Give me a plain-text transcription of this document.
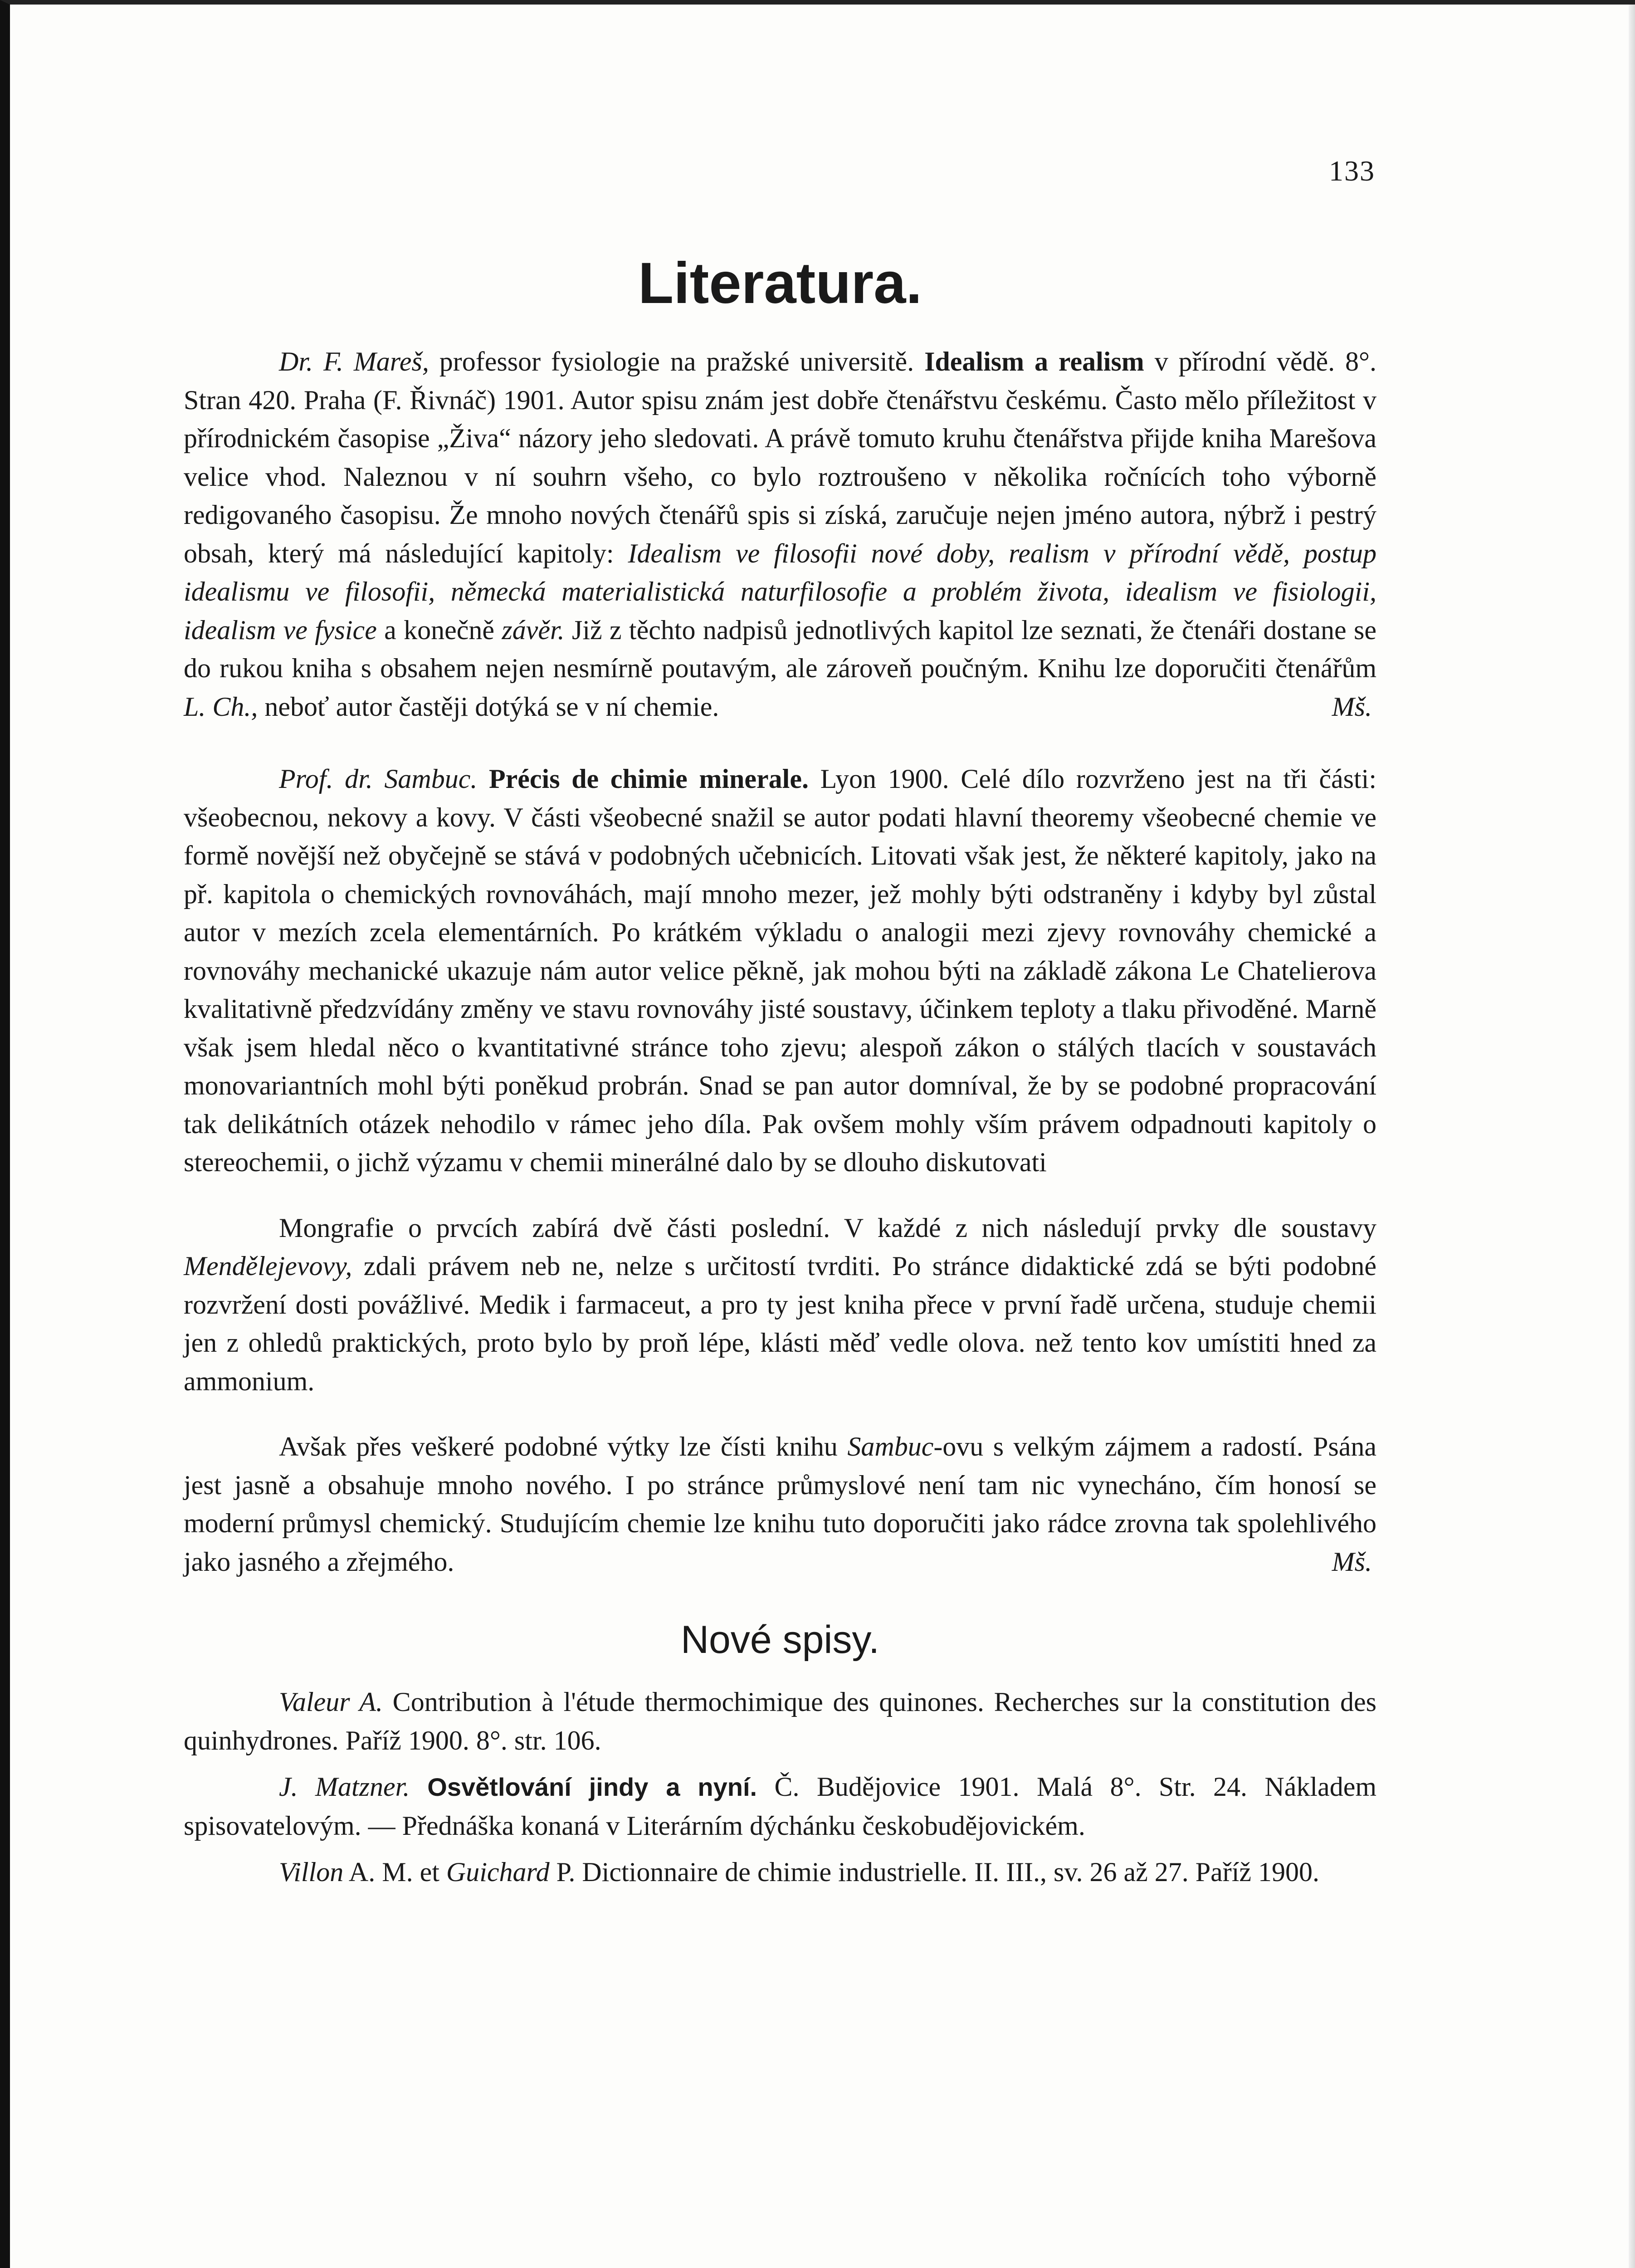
133
Literatura.

Dr. F. Mareš, professor fysiologie na pražské universitě. Idealism a realism v přírodní vědě. 8°. Stran 420. Praha (F. Řivnáč) 1901. Autor spisu znám jest dobře čtenářstvu českému. Často mělo příležitost v přírodnickém časopise „Živa“ názory jeho sledovati. A právě tomuto kruhu čtenářstva přijde kniha Marešova velice vhod. Naleznou v ní souhrn všeho, co bylo roztroušeno v několika ročnících toho výborně redigovaného časopisu. Že mnoho nových čtenářů spis si získá, zaručuje nejen jméno autora, nýbrž i pestrý obsah, který má následující kapitoly: Idealism ve filosofii nové doby, realism v přírodní vědě, postup idealismu ve filosofii, německá materialistická naturfilosofie a problém života, idealism ve fisiologii, idealism ve fysice a konečně závěr. Již z těchto nadpisů jednotlivých kapitol lze seznati, že čtenáři dostane se do rukou kniha s obsahem nejen nesmírně poutavým, ale zároveň poučným. Knihu lze doporučiti čtenářům L. Ch., neboť autor častěji dotýká se v ní chemie.	Mš.

Prof. dr. Sambuc. Précis de chimie minerale. Lyon 1900. Celé dílo rozvrženo jest na tři části: všeobecnou, nekovy a kovy. V části všeobecné snažil se autor podati hlavní theoremy všeobecné chemie ve formě novější než obyčejně se stává v podobných učebnicích. Litovati však jest, že některé kapitoly, jako na př. kapitola o chemických rovnováhách, mají mnoho mezer, jež mohly býti odstraněny i kdyby byl zůstal autor v mezích zcela elementárních. Po krátkém výkladu o analogii mezi zjevy rovnováhy chemické a rovnováhy mechanické ukazuje nám autor velice pěkně, jak mohou býti na základě zákona Le Chatelierova kvalitativně předzvídány změny ve stavu rovnováhy jisté soustavy, účinkem teploty a tlaku přivoděné. Marně však jsem hledal něco o kvantitativné stránce toho zjevu; alespoň zákon o stálých tlacích v soustavách monovariantních mohl býti poněkud probrán. Snad se pan autor domníval, že by se podobné propracování tak delikátních otázek nehodilo v rámec jeho díla. Pak ovšem mohly vším právem odpadnouti kapitoly o stereochemii, o jichž výzamu v chemii minerálné dalo by se dlouho diskutovati

Mongrafie o prvcích zabírá dvě části poslední. V každé z nich následují prvky dle soustavy Mendělejevovy, zdali právem neb ne, nelze s určitostí tvrditi. Po stránce didaktické zdá se býti podobné rozvržení dosti povážlivé. Medik i farmaceut, a pro ty jest kniha přece v první řadě určena, studuje chemii jen z ohledů praktických, proto bylo by proň lépe, klásti měď vedle olova. než tento kov umístiti hned za ammonium.

Avšak přes veškeré podobné výtky lze čísti knihu Sambuc-ovu s velkým zájmem a radostí. Psána jest jasně a obsahuje mnoho nového. I po stránce průmyslové není tam nic vynecháno, čím honosí se moderní průmysl chemický. Studujícím chemie lze knihu tuto doporučiti jako rádce zrovna tak spolehlivého jako jasného a zřejmého.	Mš.

Nové spisy.

Valeur A. Contribution à l'étude thermochimique des quinones. Recherches sur la constitution des quinhydrones. Paříž 1900. 8°. str. 106.

J. Matzner. Osvětlování jindy a nyní. Č. Budějovice 1901. Malá 8°. Str. 24. Nákladem spisovatelovým. — Přednáška konaná v Literárním dýchánku českobudějovickém.

Villon A. M. et Guichard P. Dictionnaire de chimie industrielle. II. III., sv. 26 až 27. Paříž 1900.
